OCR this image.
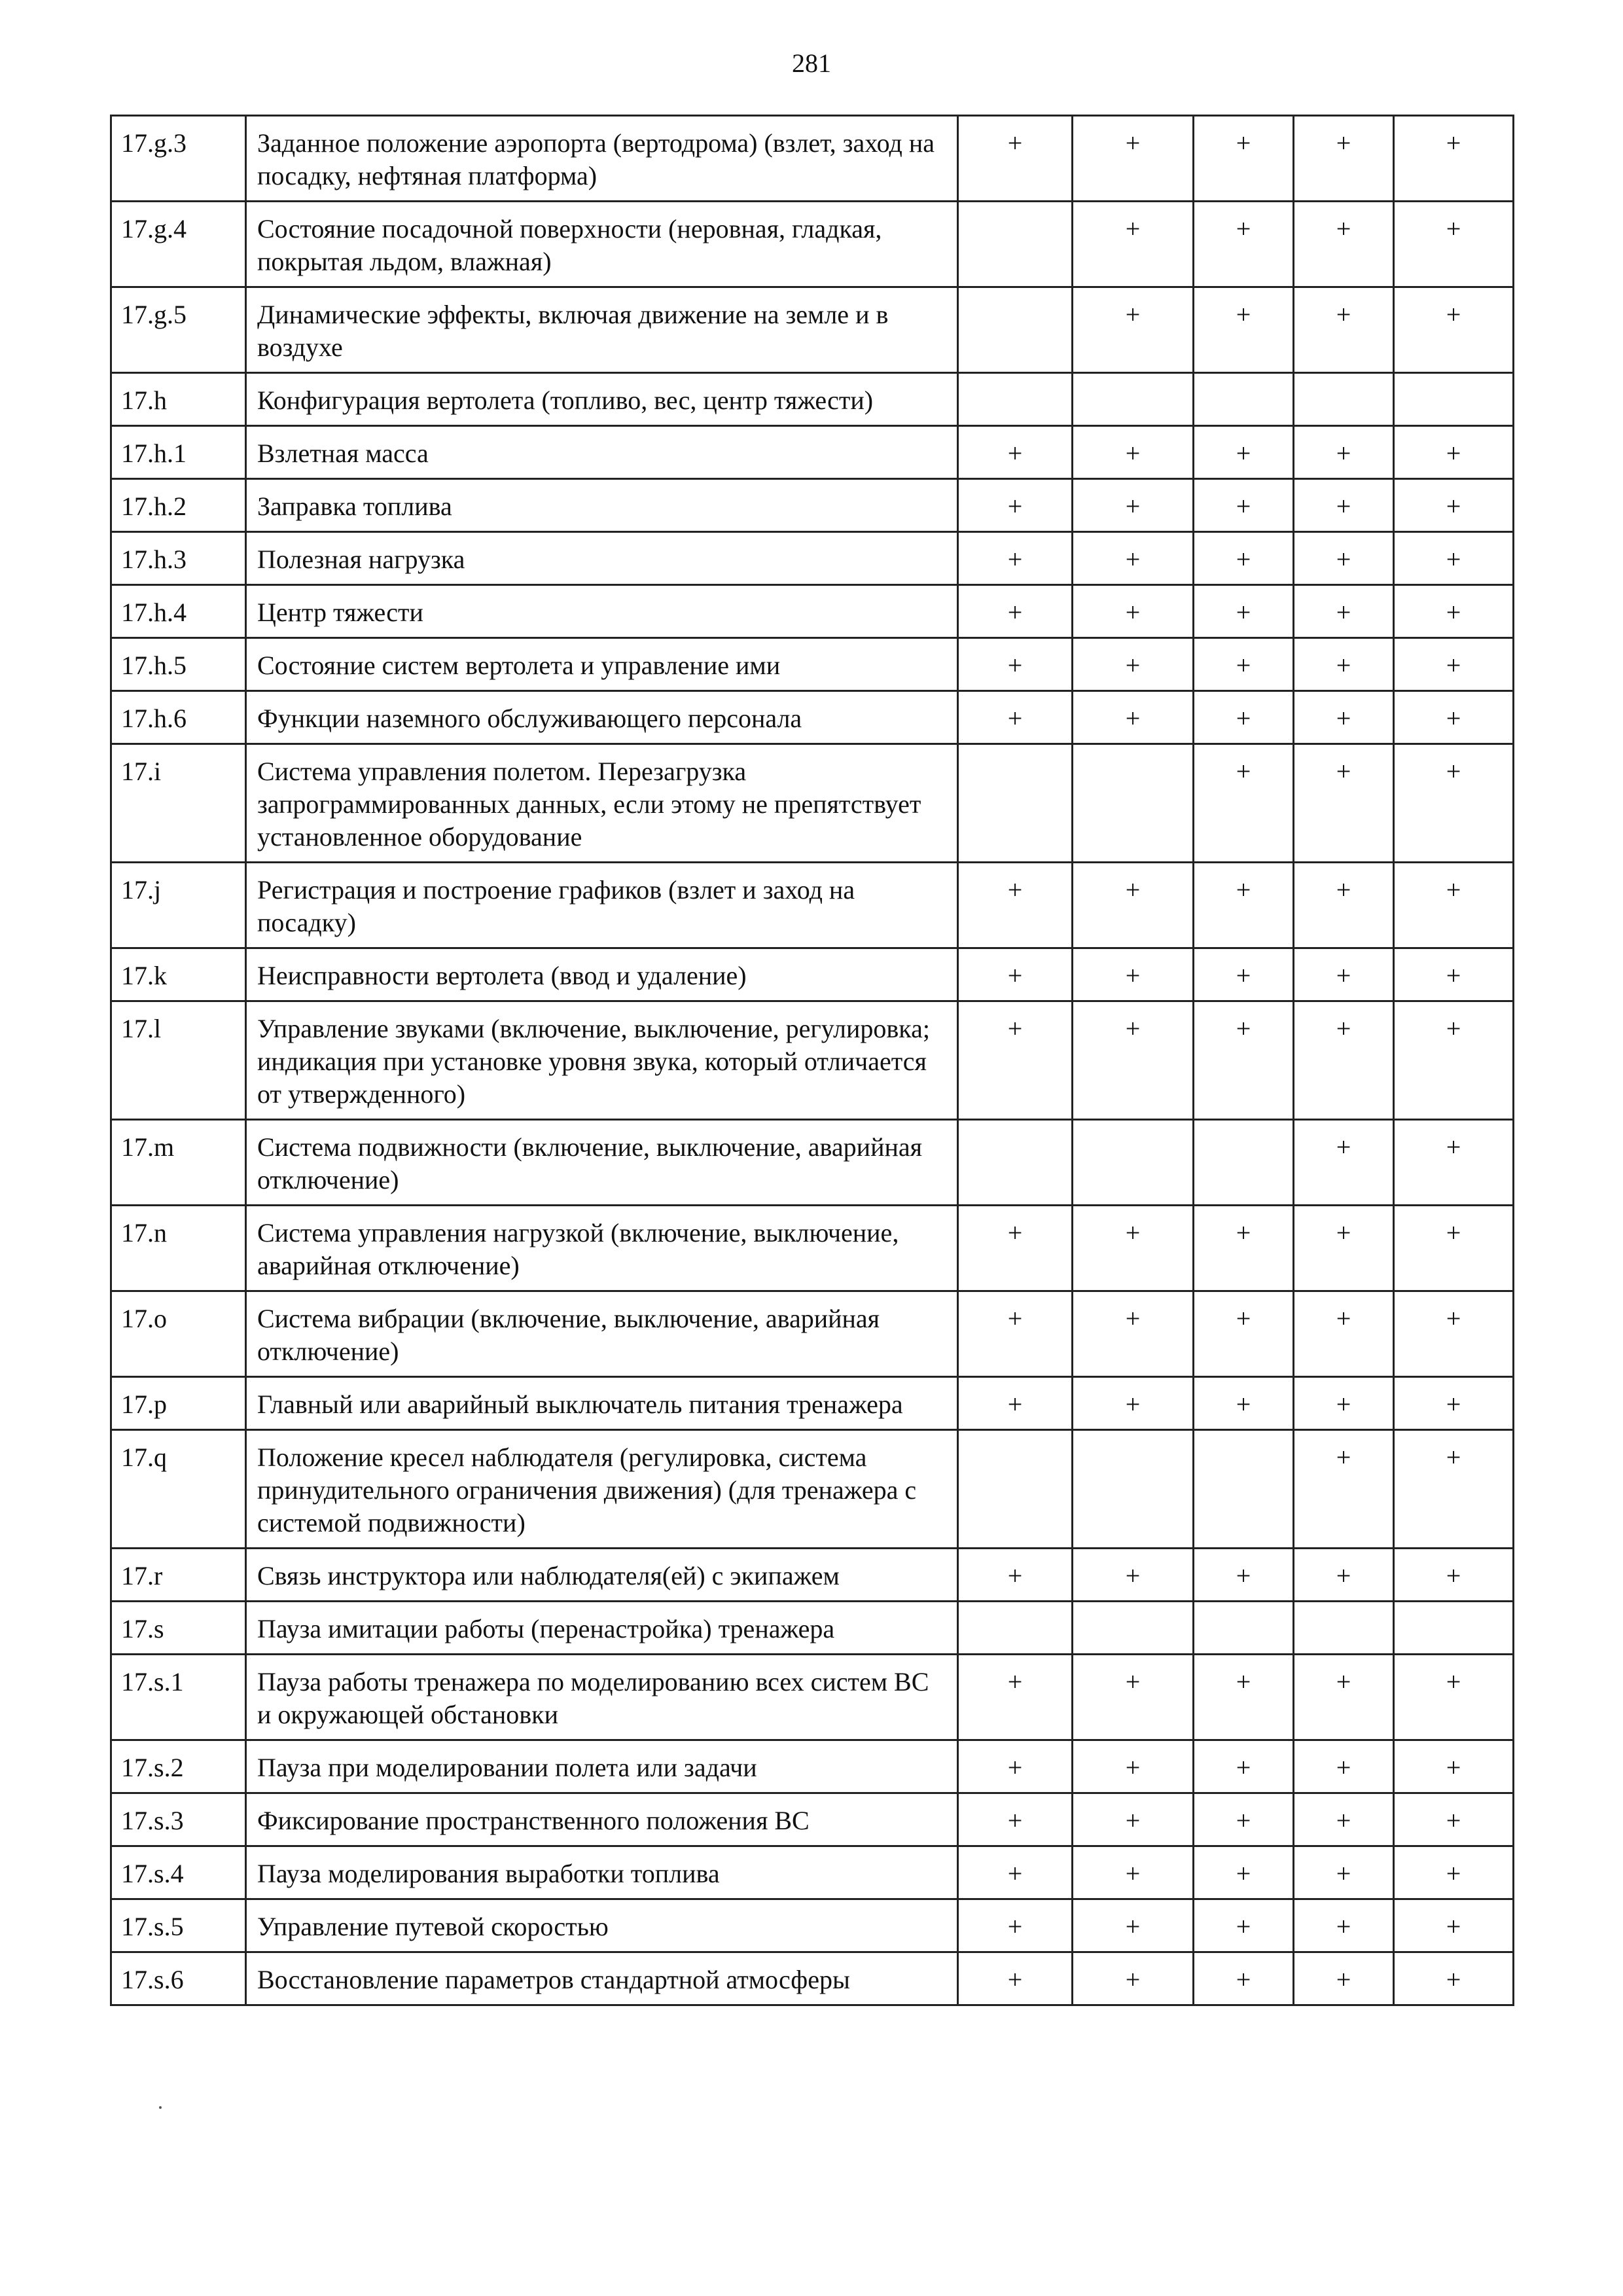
281
17.g.3	Заданное положение аэропорта (вертодрома) (взлет, заход на посадку, нефтяная платформа)	+	+	+	+	+
17.g.4	Состояние посадочной поверхности (неровная, гладкая, покрытая льдом, влажная)		+	+	+	+
17.g.5	Динамические эффекты, включая движение на земле и в воздухе		+	+	+	+
17.h	Конфигурация вертолета (топливо, вес, центр тяжести)					
17.h.1	Взлетная масса	+	+	+	+	+
17.h.2	Заправка топлива	+	+	+	+	+
17.h.3	Полезная нагрузка	+	+	+	+	+
17.h.4	Центр тяжести	+	+	+	+	+
17.h.5	Состояние систем вертолета и управление ими	+	+	+	+	+
17.h.6	Функции наземного обслуживающего персонала	+	+	+	+	+
17.i	Система управления полетом. Перезагрузка запрограммированных данных, если этому не препятствует установленное оборудование			+	+	+
17.j	Регистрация и построение графиков (взлет и заход на посадку)	+	+	+	+	+
17.k	Неисправности вертолета (ввод и удаление)	+	+	+	+	+
17.l	Управление звуками (включение, выключение, регулировка; индикация при установке уровня звука, который отличается от утвержденного)	+	+	+	+	+
17.m	Система подвижности (включение, выключение, аварийная отключение)				+	+
17.n	Система управления нагрузкой (включение, выключение, аварийная отключение)	+	+	+	+	+
17.o	Система вибрации (включение, выключение, аварийная отключение)	+	+	+	+	+
17.p	Главный или аварийный выключатель питания тренажера	+	+	+	+	+
17.q	Положение кресел наблюдателя (регулировка, система принудительного ограничения движения) (для тренажера с системой подвижности)				+	+
17.r	Связь инструктора или наблюдателя(ей) с экипажем	+	+	+	+	+
17.s	Пауза имитации работы (перенастройка) тренажера					
17.s.1	Пауза работы тренажера по моделированию всех систем ВС и окружающей обстановки	+	+	+	+	+
17.s.2	Пауза при моделировании полета или задачи	+	+	+	+	+
17.s.3	Фиксирование пространственного положения ВС	+	+	+	+	+
17.s.4	Пауза моделирования выработки топлива	+	+	+	+	+
17.s.5	Управление путевой скоростью	+	+	+	+	+
17.s.6	Восстановление параметров стандартной атмосферы	+	+	+	+	+
